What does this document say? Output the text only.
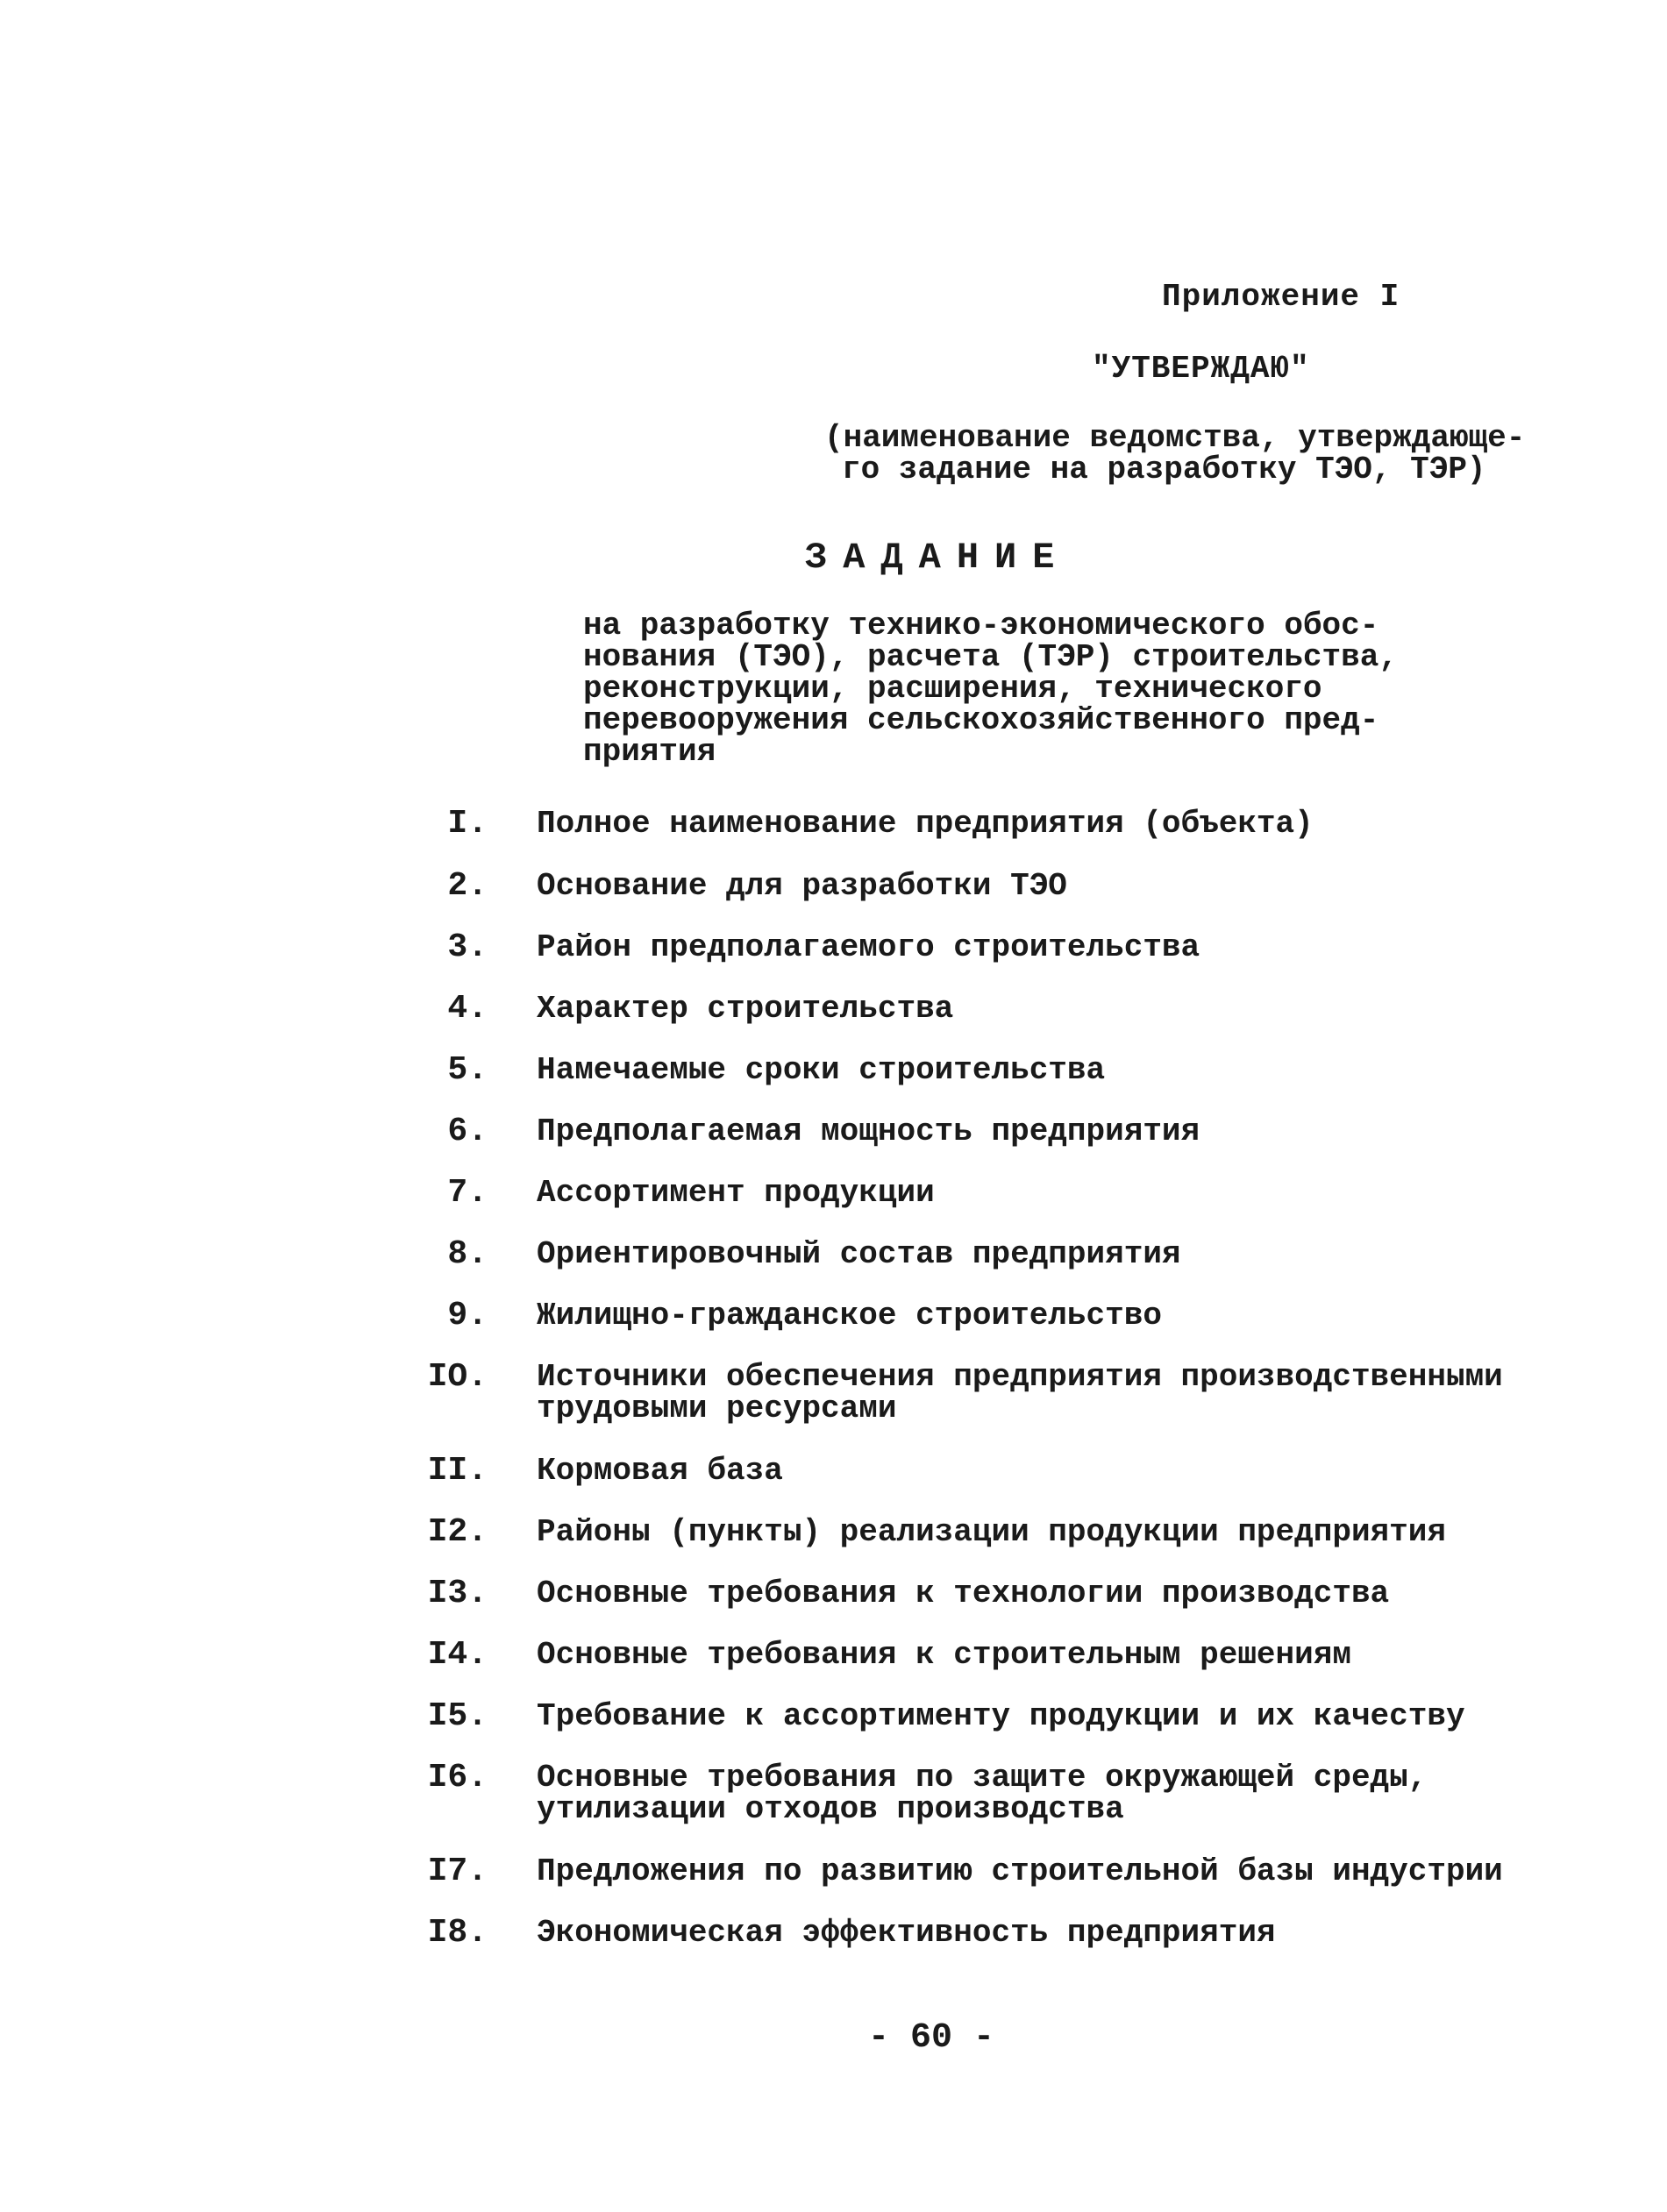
Приложение I
"УТВЕРЖДАЮ"
(наименование ведомства, утверждающе-
го задание на разработку ТЭО, ТЭР)
ЗАДАНИЕ
на разработку технико-экономического обос-
нования (ТЭО), расчета (ТЭР) строительства,
реконструкции, расширения, технического
перевооружения сельскохозяйственного пред-
приятия
I. Полное наименование предприятия (объекта)
2. Основание для разработки ТЭО
3. Район предполагаемого строительства
4. Характер строительства
5. Намечаемые сроки строительства
6. Предполагаемая мощность предприятия
7. Ассортимент продукции
8. Ориентировочный состав предприятия
9. Жилищно-гражданское строительство
IO. Источники обеспечения предприятия производственными
трудовыми ресурсами
II. Кормовая база
I2. Районы (пункты) реализации продукции предприятия
I3. Основные требования к технологии производства
I4. Основные требования к строительным решениям
I5. Требование к ассортименту продукции и их качеству
I6. Основные требования по защите окружающей среды,
утилизации отходов производства
I7. Предложения по развитию строительной базы индустрии
I8. Экономическая эффективность предприятия
- 60 -
